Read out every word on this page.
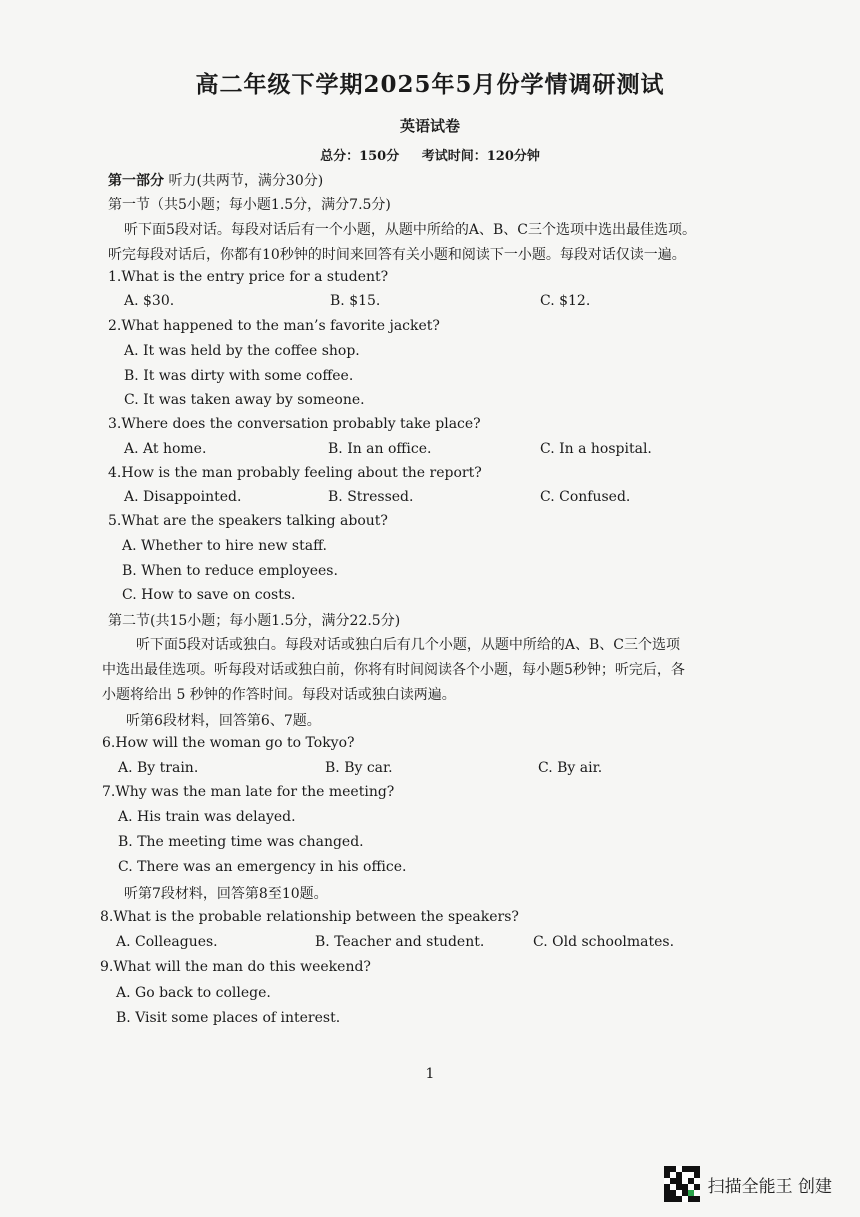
高二年级下学期2025年5月份学情调研测试
英语试卷
总分：150分 考试时间：120分钟
第一部分 听力(共两节，满分30分)
第一节（共5小题；每小题1.5分，满分7.5分)
听下面5段对话。每段对话后有一个小题，从题中所给的A、B、C三个选项中选出最佳选项。
听完每段对话后，你都有10秒钟的时间来回答有关小题和阅读下一小题。每段对话仅读一遍。
1.What is the entry price for a student?
A. $30.	B. $15.	C. $12.
2.What happened to the man’s favorite jacket?
A. It was held by the coffee shop.
B. It was dirty with some coffee.
C. It was taken away by someone.
3.Where does the conversation probably take place?
A. At home.	B. In an office.	C. In a hospital.
4.How is the man probably feeling about the report?
A. Disappointed.	B. Stressed.	C. Confused.
5.What are the speakers talking about?
A. Whether to hire new staff.
B. When to reduce employees.
C. How to save on costs.
第二节(共15小题；每小题1.5分，满分22.5分)
听下面5段对话或独白。每段对话或独白后有几个小题，从题中所给的A、B、C三个选项
中选出最佳选项。听每段对话或独白前，你将有时间阅读各个小题，每小题5秒钟；听完后，各
小题将给出 5 秒钟的作答时间。每段对话或独白读两遍。
听第6段材料，回答第6、7题。
6.How will the woman go to Tokyo?
A. By train.	B. By car.	C. By air.
7.Why was the man late for the meeting?
A. His train was delayed.
B. The meeting time was changed.
C. There was an emergency in his office.
听第7段材料，回答第8至10题。
8.What is the probable relationship between the speakers?
A. Colleagues.	B. Teacher and student.	C. Old schoolmates.
9.What will the man do this weekend?
A. Go back to college.
B. Visit some places of interest.
1
扫描全能王 创建
